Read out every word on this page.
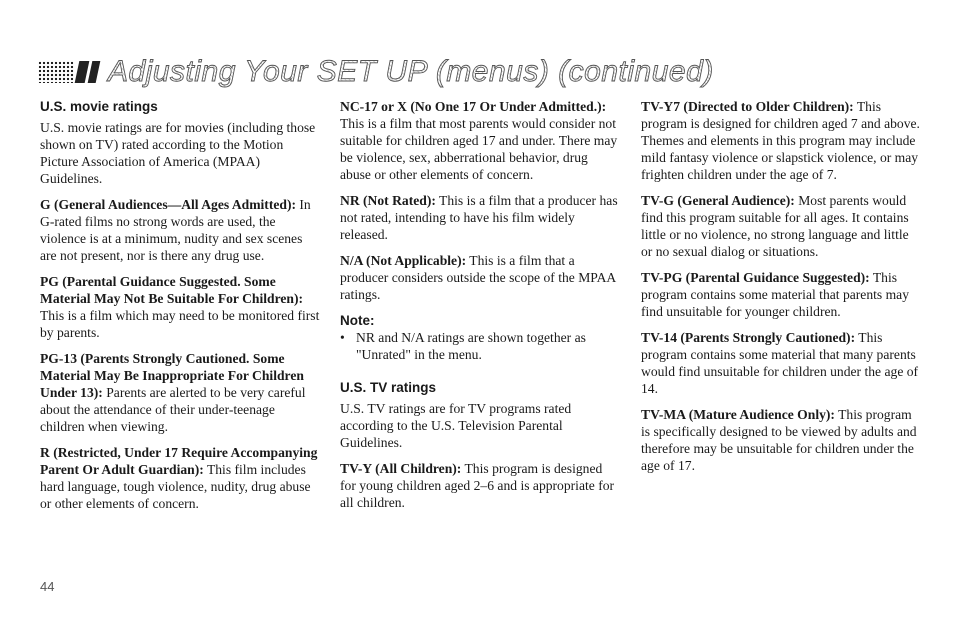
Adjusting Your SET UP (menus) (continued)
U.S. movie ratings

U.S. movie ratings are for movies (including those shown on TV) rated according to the Motion Picture Association of America (MPAA) Guidelines.

G (General Audiences—All Ages Admitted): In G-rated films no strong words are used, the violence is at a minimum, nudity and sex scenes are not present, nor is there any drug use.

PG (Parental Guidance Suggested. Some Material May Not Be Suitable For Children): This is a film which may need to be monitored first by parents.

PG-13 (Parents Strongly Cautioned. Some Material May Be Inappropriate For Children Under 13): Parents are alerted to be very careful about the attendance of their under-teenage children when viewing.

R (Restricted, Under 17 Require Accompanying Parent Or Adult Guardian): This film includes hard language, tough violence, nudity, drug abuse or other elements of concern.

NC-17 or X (No One 17 Or Under Admitted.): This is a film that most parents would consider not suitable for children aged 17 and under. There may be violence, sex, abberrational behavior, drug abuse or other elements of concern.

NR (Not Rated): This is a film that a producer has not rated, intending to have his film widely released.

N/A (Not Applicable): This is a film that a producer considers outside the scope of the MPAA ratings.

Note:
• NR and N/A ratings are shown together as "Unrated" in the menu.
U.S. TV ratings

U.S. TV ratings are for TV programs rated according to the U.S. Television Parental Guidelines.

TV-Y (All Children): This program is designed for young children aged 2–6 and is appropriate for all children.

TV-Y7 (Directed to Older Children): This program is designed for children aged 7 and above. Themes and elements in this program may include mild fantasy violence or slapstick violence, or may frighten children under the age of 7.

TV-G (General Audience): Most parents would find this program suitable for all ages. It contains little or no violence, no strong language and little or no sexual dialog or situations.

TV-PG (Parental Guidance Suggested): This program contains some material that parents may find unsuitable for younger children.

TV-14 (Parents Strongly Cautioned): This program contains some material that many parents would find unsuitable for children under the age of 14.

TV-MA (Mature Audience Only): This program is specifically designed to be viewed by adults and therefore may be unsuitable for children under the age of 17.

44
